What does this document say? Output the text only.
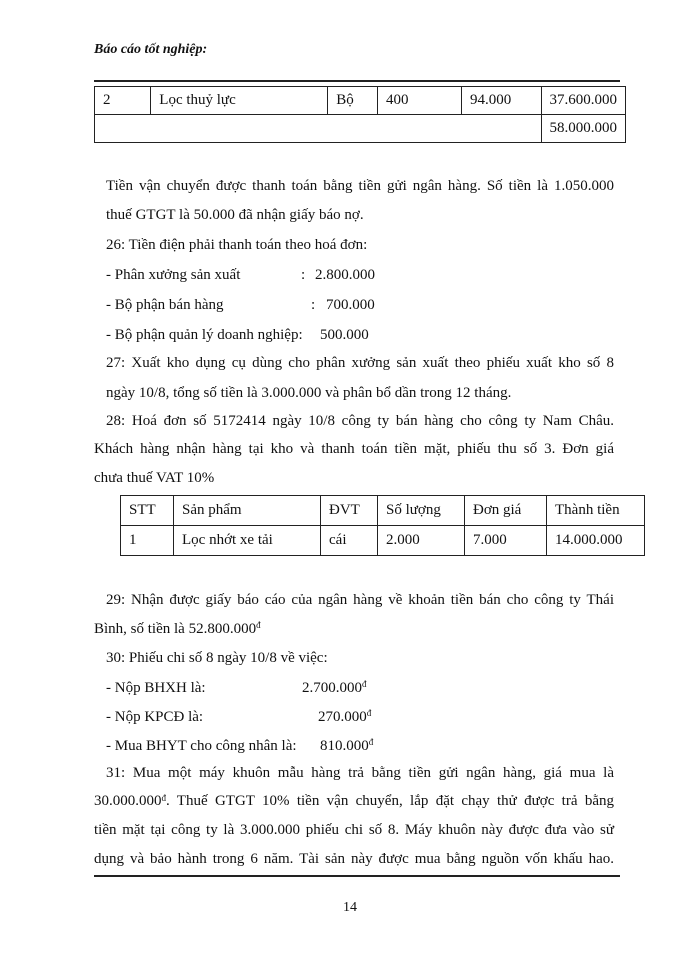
Báo cáo tốt nghiệp:
2	Lọc thuỷ lực	Bộ	400	94.000	37.600.000
					58.000.000
Tiền vận chuyển được thanh toán bằng tiền gửi ngân hàng. Số tiền là 1.050.000
thuế GTGT là 50.000 đã nhận giấy báo nợ.
26: Tiền điện phải thanh toán theo hoá đơn:
- Phân xưởng sản xuất	: 2.800.000
- Bộ phận bán hàng	: 700.000
- Bộ phận quản lý doanh nghiệp: 500.000
27: Xuất kho dụng cụ dùng cho phân xưởng sản xuất theo phiếu xuất kho số 8
ngày 10/8, tổng số tiền là 3.000.000 và phân bổ dần trong 12 tháng.
28: Hoá đơn số 5172414 ngày 10/8 công ty bán hàng cho công ty Nam Châu.
Khách hàng nhận hàng tại kho và thanh toán tiền mặt, phiếu thu số 3. Đơn giá
chưa thuế VAT 10%
STT	Sản phẩm	ĐVT	Số lượng	Đơn giá	Thành tiền
1	Lọc nhớt xe tải	cái	2.000	7.000	14.000.000
29: Nhận được giấy báo cáo của ngân hàng về khoản tiền bán cho công ty Thái
Bình, số tiền là $52.800.000^đ$
30: Phiếu chi số 8 ngày 10/8 về việc:
- Nộp BHXH là:	$2.700.000^đ$
- Nộp KPCĐ là:	$270.000^đ$
- Mua BHYT cho công nhân là: $810.000^đ$
31: Mua một máy khuôn mẫu hàng trả bằng tiền gửi ngân hàng, giá mua là
30.000.000 đ . Thuế GTGT 10% tiền vận chuyển, lắp đặt chạy thử được trả bằng
tiền mặt tại công ty là 3.000.000 phiếu chi số 8. Máy khuôn này được đưa vào sử
dụng và bảo hành trong 6 năm. Tài sản này được mua bằng nguồn vốn khấu hao.
14
